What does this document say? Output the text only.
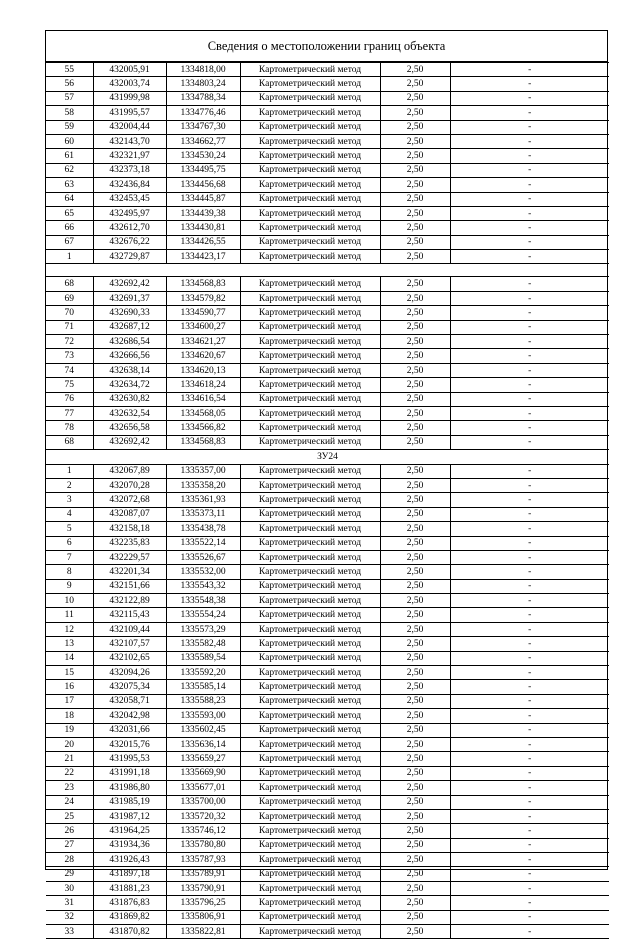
Сведения о местоположении границ объекта
55	432005,91	1334818,00	Картометрический метод	2,50	-
56	432003,74	1334803,24	Картометрический метод	2,50	-
57	431999,98	1334788,34	Картометрический метод	2,50	-
58	431995,57	1334776,46	Картометрический метод	2,50	-
59	432004,44	1334767,30	Картометрический метод	2,50	-
60	432143,70	1334662,77	Картометрический метод	2,50	-
61	432321,97	1334530,24	Картометрический метод	2,50	-
62	432373,18	1334495,75	Картометрический метод	2,50	-
63	432436,84	1334456,68	Картометрический метод	2,50	-
64	432453,45	1334445,87	Картометрический метод	2,50	-
65	432495,97	1334439,38	Картометрический метод	2,50	-
66	432612,70	1334430,81	Картометрический метод	2,50	-
67	432676,22	1334426,55	Картометрический метод	2,50	-
1	432729,87	1334423,17	Картометрический метод	2,50	-

68	432692,42	1334568,83	Картометрический метод	2,50	-
69	432691,37	1334579,82	Картометрический метод	2,50	-
70	432690,33	1334590,77	Картометрический метод	2,50	-
71	432687,12	1334600,27	Картометрический метод	2,50	-
72	432686,54	1334621,27	Картометрический метод	2,50	-
73	432666,56	1334620,67	Картометрический метод	2,50	-
74	432638,14	1334620,13	Картометрический метод	2,50	-
75	432634,72	1334618,24	Картометрический метод	2,50	-
76	432630,82	1334616,54	Картометрический метод	2,50	-
77	432632,54	1334568,05	Картометрический метод	2,50	-
78	432656,58	1334566,82	Картометрический метод	2,50	-
68	432692,42	1334568,83	Картометрический метод	2,50	-
ЗУ24					
1	432067,89	1335357,00	Картометрический метод	2,50	-
2	432070,28	1335358,20	Картометрический метод	2,50	-
3	432072,68	1335361,93	Картометрический метод	2,50	-
4	432087,07	1335373,11	Картометрический метод	2,50	-
5	432158,18	1335438,78	Картометрический метод	2,50	-
6	432235,83	1335522,14	Картометрический метод	2,50	-
7	432229,57	1335526,67	Картометрический метод	2,50	-
8	432201,34	1335532,00	Картометрический метод	2,50	-
9	432151,66	1335543,32	Картометрический метод	2,50	-
10	432122,89	1335548,38	Картометрический метод	2,50	-
11	432115,43	1335554,24	Картометрический метод	2,50	-
12	432109,44	1335573,29	Картометрический метод	2,50	-
13	432107,57	1335582,48	Картометрический метод	2,50	-
14	432102,65	1335589,54	Картометрический метод	2,50	-
15	432094,26	1335592,20	Картометрический метод	2,50	-
16	432075,34	1335585,14	Картометрический метод	2,50	-
17	432058,71	1335588,23	Картометрический метод	2,50	-
18	432042,98	1335593,00	Картометрический метод	2,50	-
19	432031,66	1335602,45	Картометрический метод	2,50	-
20	432015,76	1335636,14	Картометрический метод	2,50	-
21	431995,53	1335659,27	Картометрический метод	2,50	-
22	431991,18	1335669,90	Картометрический метод	2,50	-
23	431986,80	1335677,01	Картометрический метод	2,50	-
24	431985,19	1335700,00	Картометрический метод	2,50	-
25	431987,12	1335720,32	Картометрический метод	2,50	-
26	431964,25	1335746,12	Картометрический метод	2,50	-
27	431934,36	1335780,80	Картометрический метод	2,50	-
28	431926,43	1335787,93	Картометрический метод	2,50	-
29	431897,18	1335789,91	Картометрический метод	2,50	-
30	431881,23	1335790,91	Картометрический метод	2,50	-
31	431876,83	1335796,25	Картометрический метод	2,50	-
32	431869,82	1335806,91	Картометрический метод	2,50	-
33	431870,82	1335822,81	Картометрический метод	2,50	-
